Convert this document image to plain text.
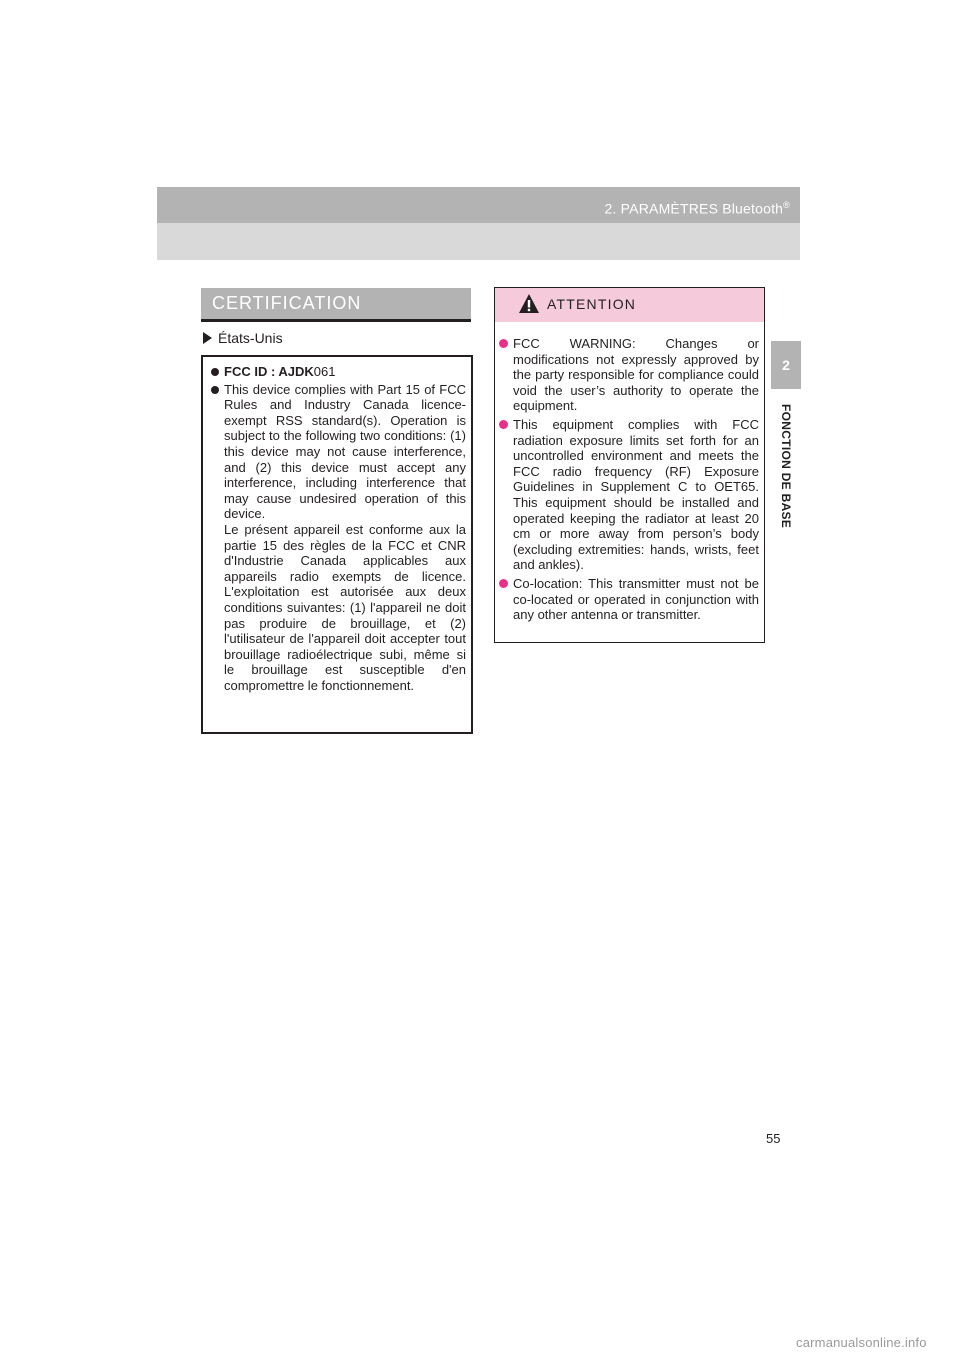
2. PARAMÈTRES Bluetooth®
2
FONCTION DE BASE
CERTIFICATION
États-Unis

FCC ID : AJDK061

This device complies with Part 15 of FCC Rules and Industry Canada licence-exempt RSS standard(s). Operation is subject to the following two conditions: (1) this device may not cause interference, and (2) this device must accept any interference, including interference that may cause undesired operation of this device.

Le présent appareil est conforme aux la partie 15 des règles de la FCC et CNR d'Industrie Canada applicables aux appareils radio exempts de licence. L'exploitation est autorisée aux deux conditions suivantes: (1) l'appareil ne doit pas produire de brouillage, et (2) l'utilisateur de l'appareil doit accepter tout brouillage radioélectrique subi, même si le brouillage est susceptible d'en compromettre le fonctionnement.

ATTENTION

FCC WARNING: Changes or modifications not expressly approved by the party responsible for compliance could void the user’s authority to operate the equipment.

This equipment complies with FCC radiation exposure limits set forth for an uncontrolled environment and meets the FCC radio frequency (RF) Exposure Guidelines in Supplement C to OET65. This equipment should be installed and operated keeping the radiator at least 20 cm or more away from person’s body (excluding extremities: hands, wrists, feet and ankles).

Co-location: This transmitter must not be co-located or operated in conjunction with any other antenna or transmitter.

55
carmanualsonline.info
